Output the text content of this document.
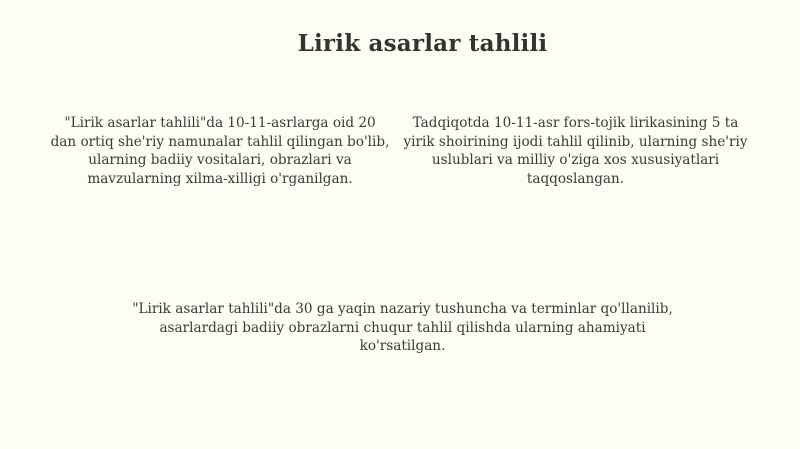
Lirik asarlar tahlili
"Lirik asarlar tahlili"da 10-11-asrlarga oid 20 dan ortiq she'riy namunalar tahlil qilingan bo'lib, ularning badiiy vositalari, obrazlari va mavzularning xilma-xilligi o'rganilgan.
Tadqiqotda 10-11-asr fors-tojik lirikasining 5 ta yirik shoirining ijodi tahlil qilinib, ularning she'riy uslublari va milliy o'ziga xos xususiyatlari taqqoslangan.
"Lirik asarlar tahlili"da 30 ga yaqin nazariy tushuncha va terminlar qo'llanilib, asarlardagi badiiy obrazlarni chuqur tahlil qilishda ularning ahamiyati ko'rsatilgan.
